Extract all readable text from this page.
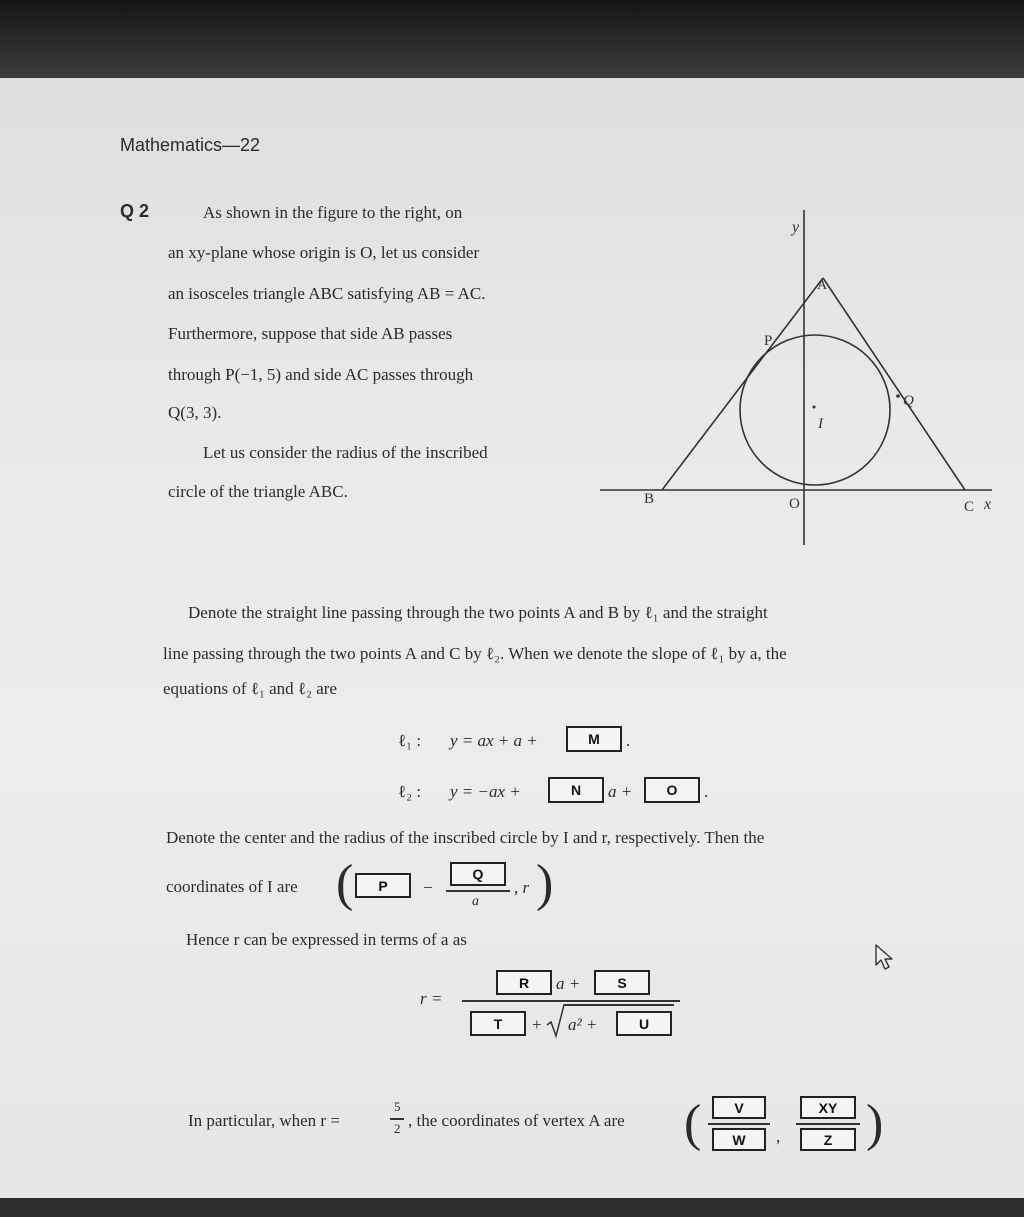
Mathematics—22
Q 2	As shown in the figure to the right, on
an xy-plane whose origin is O, let us consider
an isosceles triangle ABC satisfying AB = AC.
Furthermore, suppose that side AB passes
through P(−1, 5) and side AC passes through
Q(3, 3).
Let us consider the radius of the inscribed
circle of the triangle ABC.
y
x
A
P
Q
I
B	O	C
Denote the straight line passing through the two points A and B by ℓ₁ and the straight
line passing through the two points A and C by ℓ₂. When we denote the slope of ℓ₁ by a, the
equations of ℓ₁ and ℓ₂ are
ℓ₁ : y = ax + a +	M	.
ℓ₂ : y = −ax +	N	a +	O	.
Denote the center and the radius of the inscribed circle by I and r, respectively. Then the
coordinates of I are (	P	−
Q
a
, r )
Hence r can be expressed in terms of a as
r =
R	a +	S
T	+ a² +	U
In particular, when r =
5
2 , the coordinates of vertex A are (	V
W	,
XY
Z )
